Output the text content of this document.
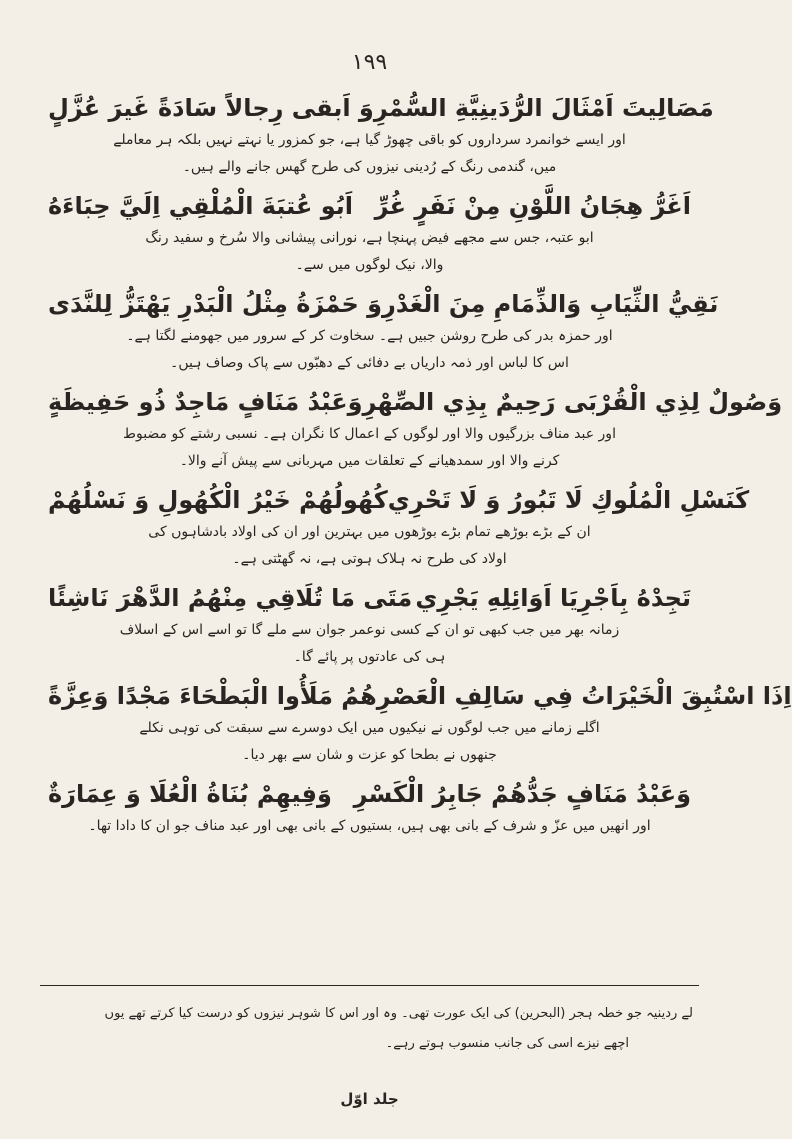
١٩٩
وَ اَبقى رِجالاً سَادَةً غَيرَ عُزَّلٍ مَصَالِيتَ اَمْثَالَ الرُّدَينِيَّةِ السُّمْرِ
اور ایسے خوانمرد سرداروں کو باقی چھوڑ گیا ہے، جو کمزور یا نہتے نہیں بلکہ ہر معاملے
میں، گندمی رنگ کے رُدینی نیزوں کی طرح گھس جانے والے ہیں۔
اَبُو عُتبَةَ الْمُلْقِي اِلَيَّ حِبَاءَهُ اَغَرُّ هِجَانُ اللَّوْنِ مِنْ نَفَرٍ غُرِّ
ابو عتبہ، جس سے مجھے فیض پہنچا ہے، نورانی پیشانی والا سُرخ و سفید رنگ
والا، نیک لوگوں میں سے۔
وَ حَمْزَةُ مِثْلُ الْبَدْرِ يَهْتَزُّ لِلنَّدَى نَقِيُّ الثِّيَابِ وَالذِّمَامِ مِنَ الْغَدْرِ
اور حمزہ بدر کی طرح روشن جبیں ہے۔ سخاوت کر کے سرور میں جھومنے لگتا ہے۔
اس کا لباس اور ذمہ داریاں بے دفائی کے دھبّوں سے پاک وصاف ہیں۔
وَعَبْدُ مَنَافٍ مَاجِدٌ ذُو حَفِيظَةٍ وَصُولٌ لِذِي الْقُرْبَى رَحِيمٌ بِذِي الصِّهْرِ
اور عبد مناف بزرگیوں والا اور لوگوں کے اعمال کا نگران ہے۔ نسبی رشتے کو مضبوط
کرنے والا اور سمدھیانے کے تعلقات میں مہربانی سے پیش آنے والا۔
كُهُولُهُمْ خَيْرُ الْكُهُولِ وَ نَسْلُهُمْ كَنَسْلِ الْمُلُوكِ لَا تَبُورُ وَ لَا تَحْرِي
ان کے بڑے بوڑھے تمام بڑے بوڑھوں میں بہترین اور ان کی اولاد بادشاہوں کی
اولاد کی طرح نہ ہلاک ہوتی ہے، نہ گھٹتی ہے۔
مَتَى مَا تُلَاقِي مِنْهُمُ الدَّهْرَ نَاشِئًا تَجِدْهُ بِاَجْرِيَا اَوَائِلِهِ يَجْرِي
زمانہ بھر میں جب کبھی تو ان کے کسی نوعمر جوان سے ملے گا تو اسے اس کے اسلاف
ہی کی عادتوں پر پائے گا۔
هُمُ مَلَأُوا الْبَطْحَاءَ مَجْدًا وَعِزَّةً اِذَا اسْتُبِقَ الْخَيْرَاتُ فِي سَالِفِ الْعَصْرِ
اگلے زمانے میں جب لوگوں نے نیکیوں میں ایک دوسرے سے سبقت کی توہی نکلے
جنھوں نے بطحا کو عزت و شان سے بھر دیا۔
وَفِيهِمْ بُنَاةُ الْعُلَا وَ عِمَارَةٌ وَعَبْدُ مَنَافٍ جَدُّهُمْ جَابِرُ الْكَسْرِ
اور انھیں میں عزّ و شرف کے بانی بھی ہیں، بستیوں کے بانی بھی اور عبد مناف جو ان کا دادا تھا۔
لے ردینیہ جو خطہ ہجر (البحرین) کی ایک عورت تھی۔ وہ اور اس کا شوہر نیزوں کو درست کیا کرتے تھے یوں
اچھے نیزے اسی کی جانب منسوب ہوتے رہے۔
جلد اوّل
